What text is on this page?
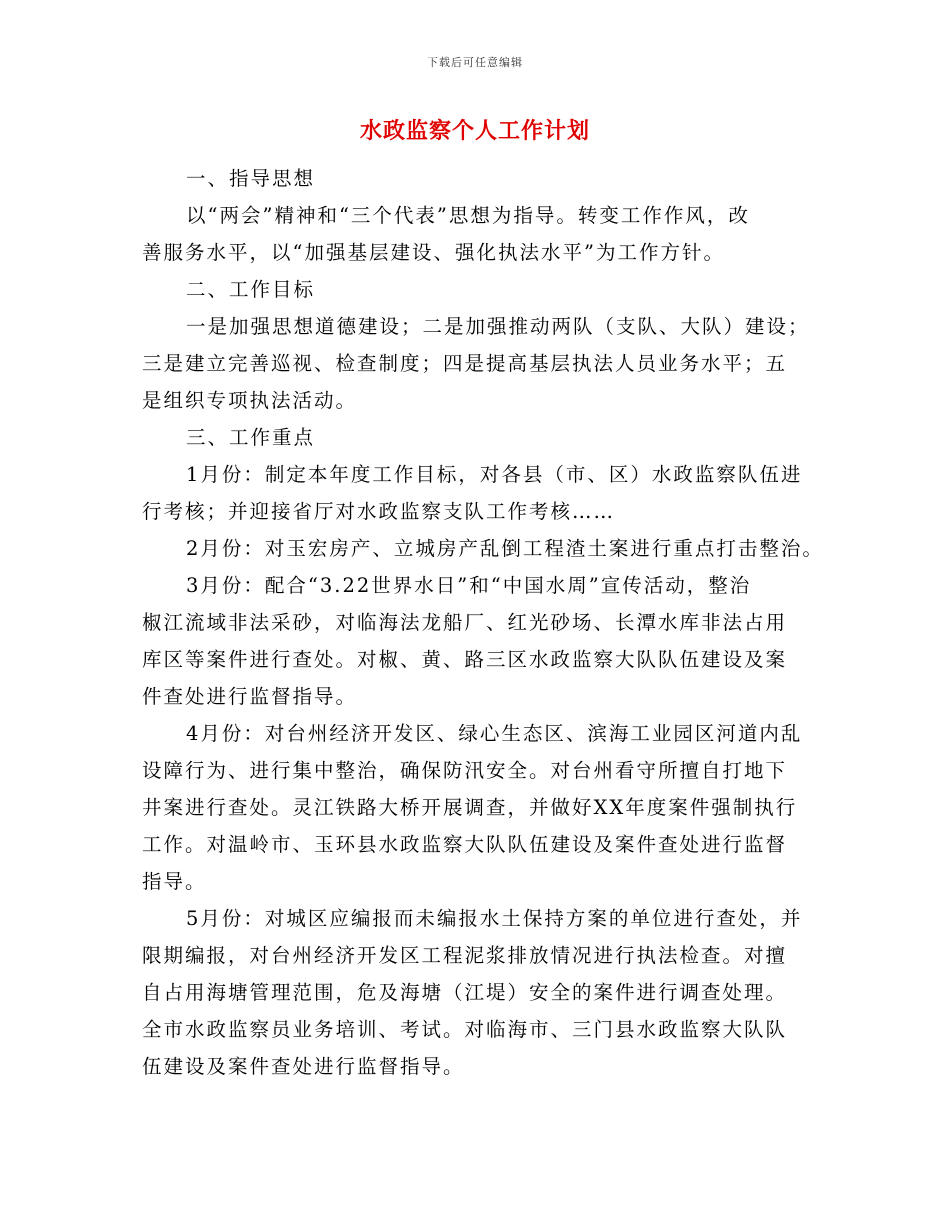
下载后可任意编辑
水政监察个人工作计划

一、指导思想

以“两会”精神和“三个代表”思想为指导。转变工作作风，改
善服务水平，以“加强基层建设、强化执法水平”为工作方针。

二、工作目标

一是加强思想道德建设；二是加强推动两队（支队、大队）建设；
三是建立完善巡视、检查制度；四是提高基层执法人员业务水平；五
是组织专项执法活动。

三、工作重点

1月份：制定本年度工作目标，对各县（市、区）水政监察队伍进
行考核；并迎接省厅对水政监察支队工作考核……

2月份：对玉宏房产、立城房产乱倒工程渣土案进行重点打击整治。

3月份：配合“3.22世界水日”和“中国水周”宣传活动，整治
椒江流域非法采砂，对临海法龙船厂、红光砂场、长潭水库非法占用
库区等案件进行查处。对椒、黄、路三区水政监察大队队伍建设及案
件查处进行监督指导。

4月份：对台州经济开发区、绿心生态区、滨海工业园区河道内乱
设障行为、进行集中整治，确保防汛安全。对台州看守所擅自打地下
井案进行查处。灵江铁路大桥开展调查，并做好XX年度案件强制执行
工作。对温岭市、玉环县水政监察大队队伍建设及案件查处进行监督
指导。

5月份：对城区应编报而未编报水土保持方案的单位进行查处，并
限期编报，对台州经济开发区工程泥浆排放情况进行执法检查。对擅
自占用海塘管理范围，危及海塘（江堤）安全的案件进行调查处理。
全市水政监察员业务培训、考试。对临海市、三门县水政监察大队队
伍建设及案件查处进行监督指导。
